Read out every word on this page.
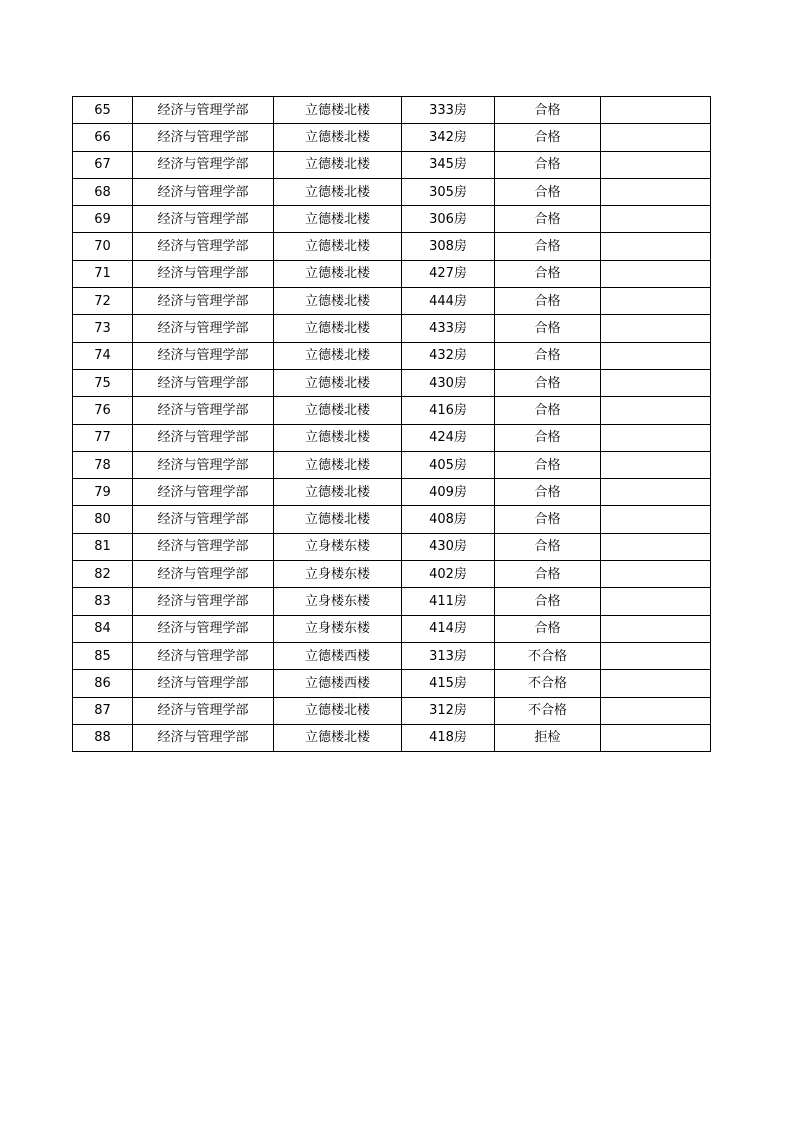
65	经济与管理学部	立德楼北楼	333房	合格	
66	经济与管理学部	立德楼北楼	342房	合格	
67	经济与管理学部	立德楼北楼	345房	合格	
68	经济与管理学部	立德楼北楼	305房	合格	
69	经济与管理学部	立德楼北楼	306房	合格	
70	经济与管理学部	立德楼北楼	308房	合格	
71	经济与管理学部	立德楼北楼	427房	合格	
72	经济与管理学部	立德楼北楼	444房	合格	
73	经济与管理学部	立德楼北楼	433房	合格	
74	经济与管理学部	立德楼北楼	432房	合格	
75	经济与管理学部	立德楼北楼	430房	合格	
76	经济与管理学部	立德楼北楼	416房	合格	
77	经济与管理学部	立德楼北楼	424房	合格	
78	经济与管理学部	立德楼北楼	405房	合格	
79	经济与管理学部	立德楼北楼	409房	合格	
80	经济与管理学部	立德楼北楼	408房	合格	
81	经济与管理学部	立身楼东楼	430房	合格	
82	经济与管理学部	立身楼东楼	402房	合格	
83	经济与管理学部	立身楼东楼	411房	合格	
84	经济与管理学部	立身楼东楼	414房	合格	
85	经济与管理学部	立德楼西楼	313房	不合格	
86	经济与管理学部	立德楼西楼	415房	不合格	
87	经济与管理学部	立德楼北楼	312房	不合格	
88	经济与管理学部	立德楼北楼	418房	拒检	
